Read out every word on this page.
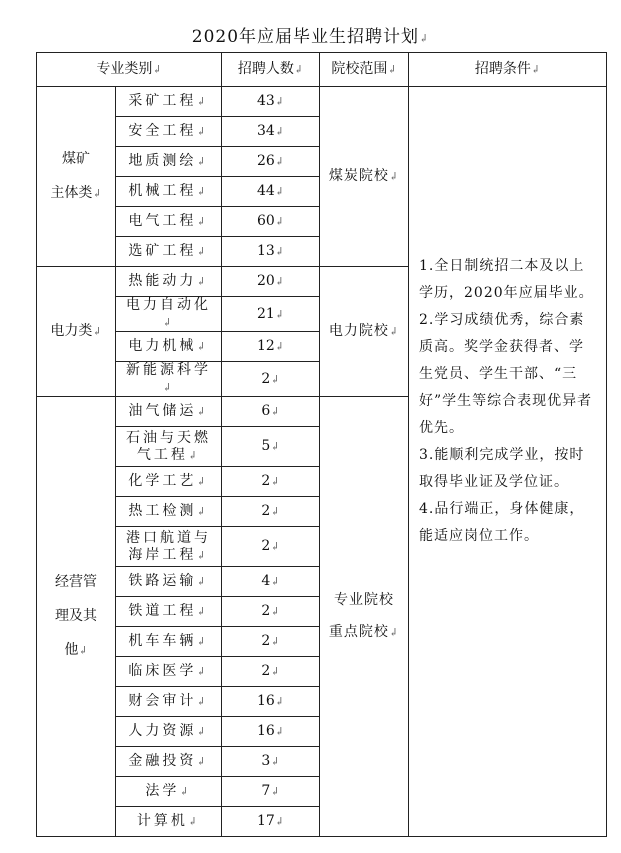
2020年应届毕业生招聘计划↲
专业类别↲		招聘人数↲	院校范围↲	招聘条件↲

煤矿
主体类↲	采矿工程↲	43↲	煤炭院校↲	1.全日制统招二本及以上学历，2020年应届毕业。
2.学习成绩优秀，综合素质高。奖学金获得者、学生党员、学生干部、“三好”学生等综合表现优异者优先。
3.能顺利完成学业，按时取得毕业证及学位证。
4.品行端正，身体健康，能适应岗位工作。

	安全工程↲	34↲		
	地质测绘↲	26↲		
	机械工程↲	44↲		
	电气工程↲	60↲		
	选矿工程↲	13↲		

电力类↲	热能动力↲	20↲	电力院校↲	

	电力自动化↲	21↲		
	电力机械↲	12↲		
	新能源科学↲	2↲		

经营管
理及其
他↲	油气储运↲	6↲	专业院校
重点院校↲	

	石油与天燃气工程↲	5↲		
	化学工艺↲	2↲		
	热工检测↲	2↲		
	港口航道与海岸工程↲	2↲		
	铁路运输↲	4↲		
	铁道工程↲	2↲		
	机车车辆↲	2↲		
	临床医学↲	2↲		
	财会审计↲	16↲		
	人力资源↲	16↲		
	金融投资↲	3↲		
	法学↲	7↲		
	计算机↲	17↲		
